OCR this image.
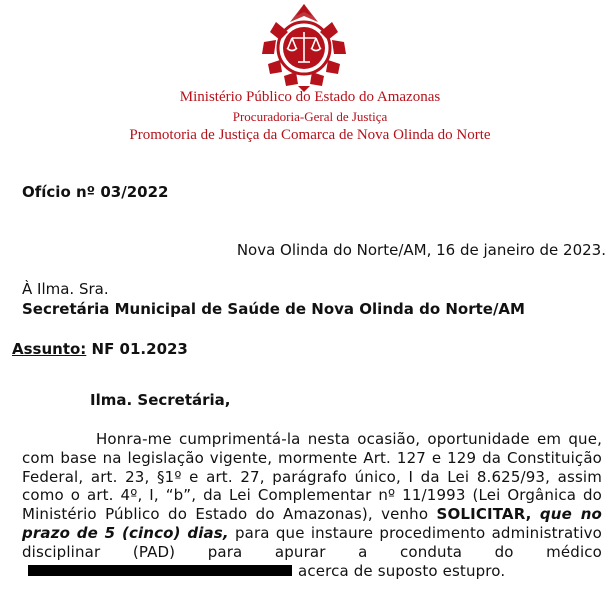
Ministério Público do Estado do Amazonas
Procuradoria-Geral de Justiça
Promotoria de Justiça da Comarca de Nova Olinda do Norte
Ofício nº 03/2022
Nova Olinda do Norte/AM, 16 de janeiro de 2023.
À Ilma. Sra.
Secretária Municipal de Saúde de Nova Olinda do Norte/AM
Assunto: NF 01.2023
Ilma. Secretária,

Honra-me cumprimentá-la nesta ocasião, oportunidade em que, com base na legislação vigente, mormente Art. 127 e 129 da Constituição Federal, art. 23, §1º e art. 27, parágrafo único, I da Lei 8.625/93, assim como o art. 4º, I, “b”, da Lei Complementar nº 11/1993 (Lei Orgânica do Ministério Público do Estado do Amazonas), venho SOLICITAR, que no prazo de 5 (cinco) dias, para que instaure procedimento administrativo disciplinar (PAD) para apurar a conduta do médicoacerca de suposto estupro.
